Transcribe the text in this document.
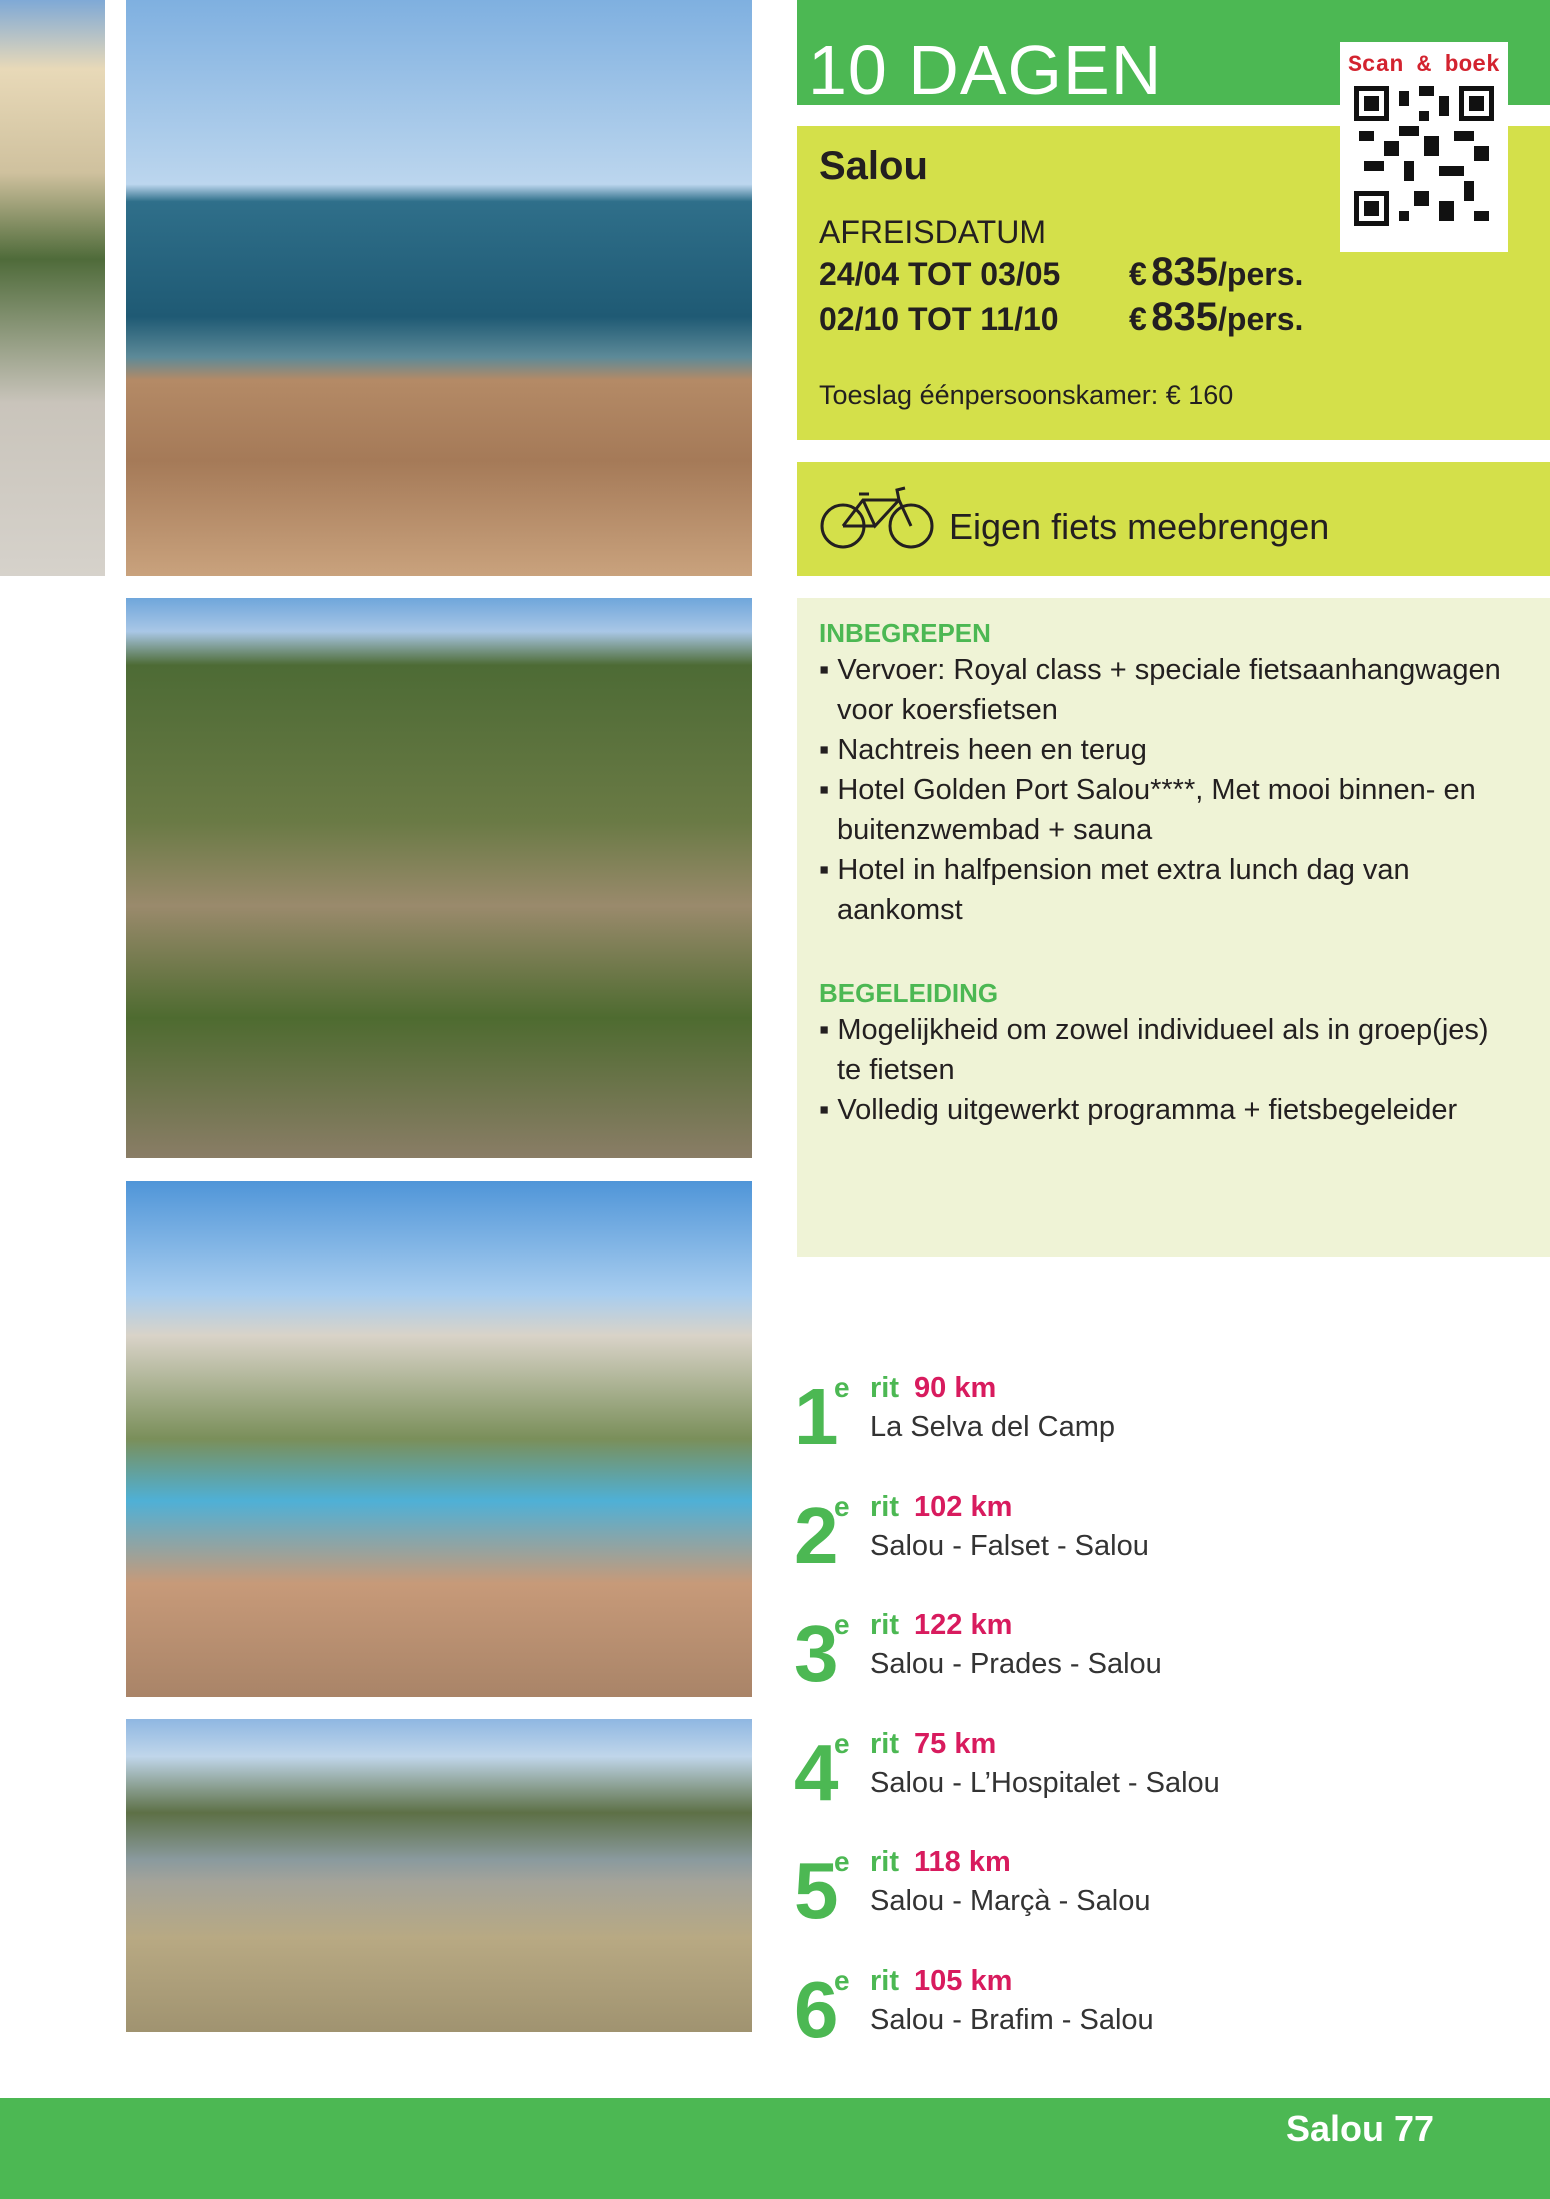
10 DAGEN
Salou
AFREISDATUM
24/04 TOT 03/05 € 835/pers.
02/10 TOT 11/10 € 835/pers.
Toeslag éénpersoonskamer: € 160
Scan & boek
Eigen fiets meebrengen
INBEGREPEN
▪ Vervoer: Royal class + speciale fietsaanhangwagen
voor koersfietsen
▪ Nachtreis heen en terug
▪ Hotel Golden Port Salou****, Met mooi binnen- en
buitenzwembad + sauna
▪ Hotel in halfpension met extra lunch dag van
aankomst
BEGELEIDING
▪ Mogelijkheid om zowel individueel als in groep(jes)
te fietsen
▪ Volledig uitgewerkt programma + fietsbegeleider
1
e rit 90 km
La Selva del Camp
2
e rit 102 km
Salou - Falset - Salou
3
e rit 122 km
Salou - Prades - Salou
4
e rit 75 km
Salou - L’Hospitalet - Salou
5
e rit 118 km
Salou - Marçà - Salou
6
e rit 105 km
Salou - Brafim - Salou
Salou 77
